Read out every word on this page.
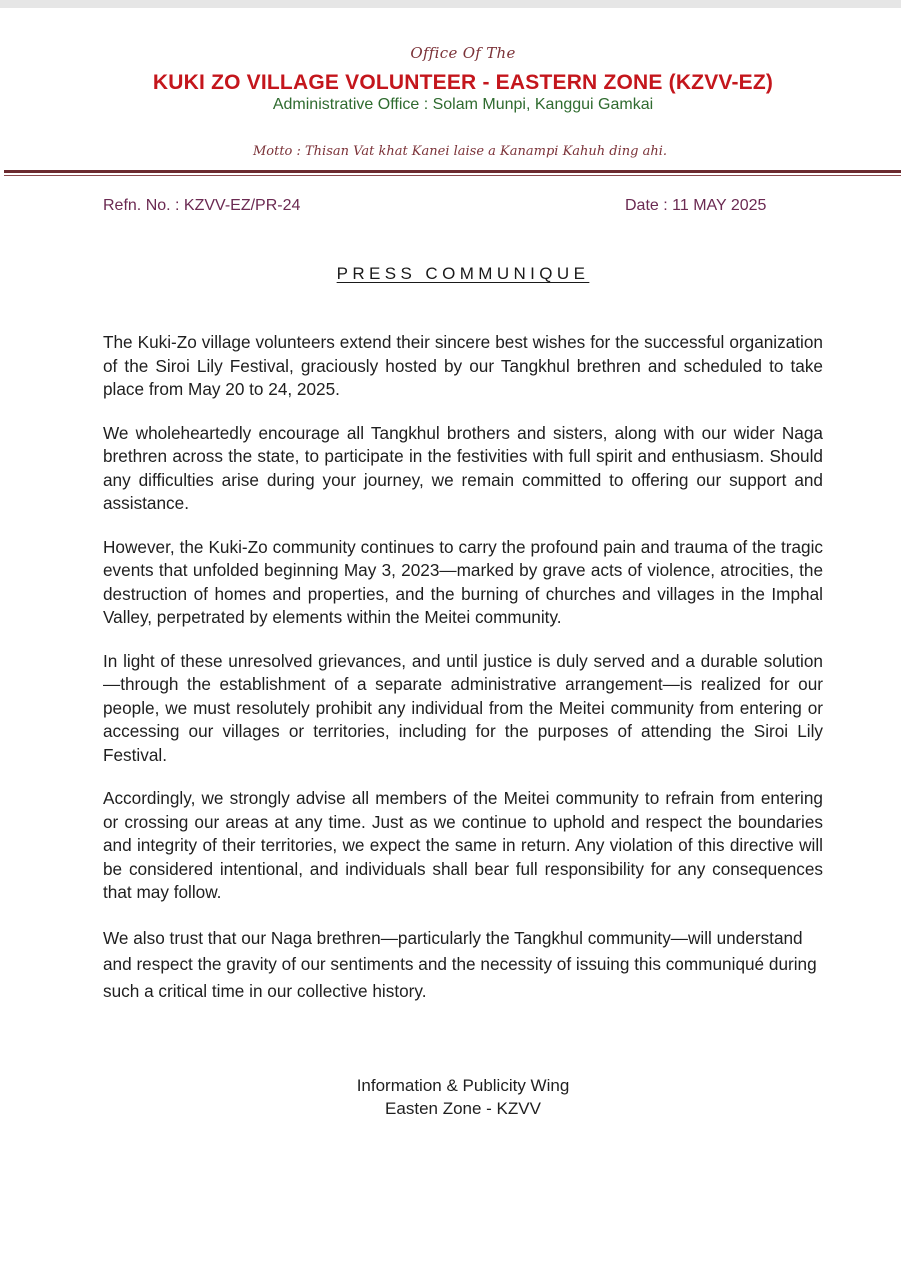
Office Of The
KUKI ZO VILLAGE VOLUNTEER - EASTERN ZONE (KZVV-EZ)
Administrative Office : Solam Munpi, Kanggui Gamkai
Motto : Thisan Vat khat Kanei laise a Kanampi Kahuh ding ahi.
Refn. No. : KZVV-EZ/PR-24	Date : 11 MAY 2025
PRESS COMMUNIQUE

The Kuki-Zo village volunteers extend their sincere best wishes for the successful organization of the Siroi Lily Festival, graciously hosted by our Tangkhul brethren and scheduled to take place from May 20 to 24, 2025.

We wholeheartedly encourage all Tangkhul brothers and sisters, along with our wider Naga brethren across the state, to participate in the festivities with full spirit and enthusiasm. Should any difficulties arise during your journey, we remain committed to offering our support and assistance.

However, the Kuki-Zo community continues to carry the profound pain and trauma of the tragic events that unfolded beginning May 3, 2023—marked by grave acts of violence, atrocities, the destruction of homes and properties, and the burning of churches and villages in the Imphal Valley, perpetrated by elements within the Meitei community.

In light of these unresolved grievances, and until justice is duly served and a durable solution—through the establishment of a separate administrative arrangement—is realized for our people, we must resolutely prohibit any individual from the Meitei community from entering or accessing our villages or territories, including for the purposes of attending the Siroi Lily Festival.

Accordingly, we strongly advise all members of the Meitei community to refrain from entering or crossing our areas at any time. Just as we continue to uphold and respect the boundaries and integrity of their territories, we expect the same in return. Any violation of this directive will be considered intentional, and individuals shall bear full responsibility for any consequences that may follow.

We also trust that our Naga brethren—particularly the Tangkhul community—will understand and respect the gravity of our sentiments and the necessity of issuing this communiqué during such a critical time in our collective history.

Information & Publicity Wing
Easten Zone - KZVV
